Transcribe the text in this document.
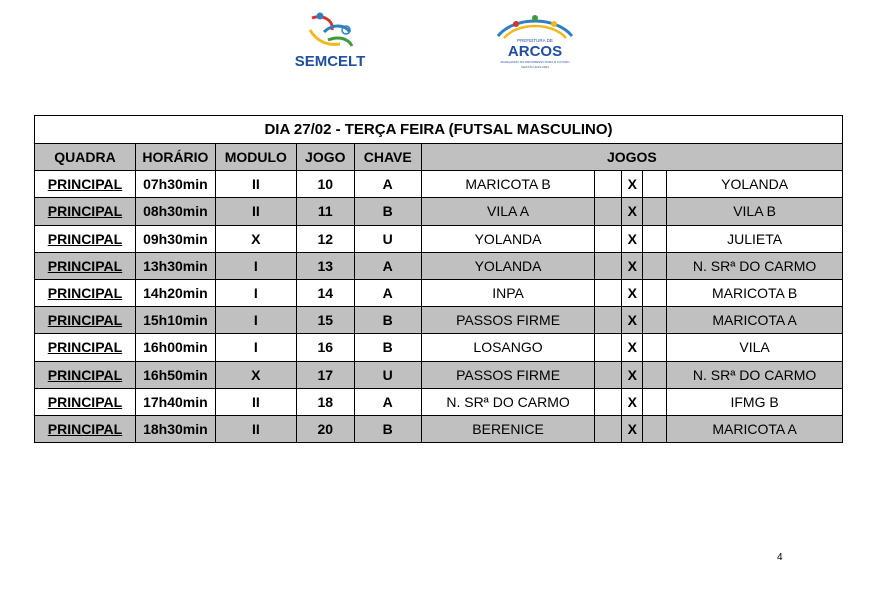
SEMCELT
PREFEITURA DE
ARCOS
AVANÇANDO NO PROGRESSO PARA O FUTURO
GESTÃO 2021-2024
DIA 27/02 - TERÇA FEIRA (FUTSAL MASCULINO)									
QUADRA	HORÁRIO	MODULO	JOGO	CHAVE	JOGOS				
PRINCIPAL	07h30min	II	10	A	MARICOTA B		X		YOLANDA
PRINCIPAL	08h30min	II	11	B	VILA A		X		VILA B
PRINCIPAL	09h30min	X	12	U	YOLANDA		X		JULIETA
PRINCIPAL	13h30min	I	13	A	YOLANDA		X		N. SRª DO CARMO
PRINCIPAL	14h20min	I	14	A	INPA		X		MARICOTA B
PRINCIPAL	15h10min	I	15	B	PASSOS FIRME		X		MARICOTA A
PRINCIPAL	16h00min	I	16	B	LOSANGO		X		VILA
PRINCIPAL	16h50min	X	17	U	PASSOS FIRME		X		N. SRª DO CARMO
PRINCIPAL	17h40min	II	18	A	N. SRª DO CARMO		X		IFMG B
PRINCIPAL	18h30min	II	20	B	BERENICE		X		MARICOTA A
4
